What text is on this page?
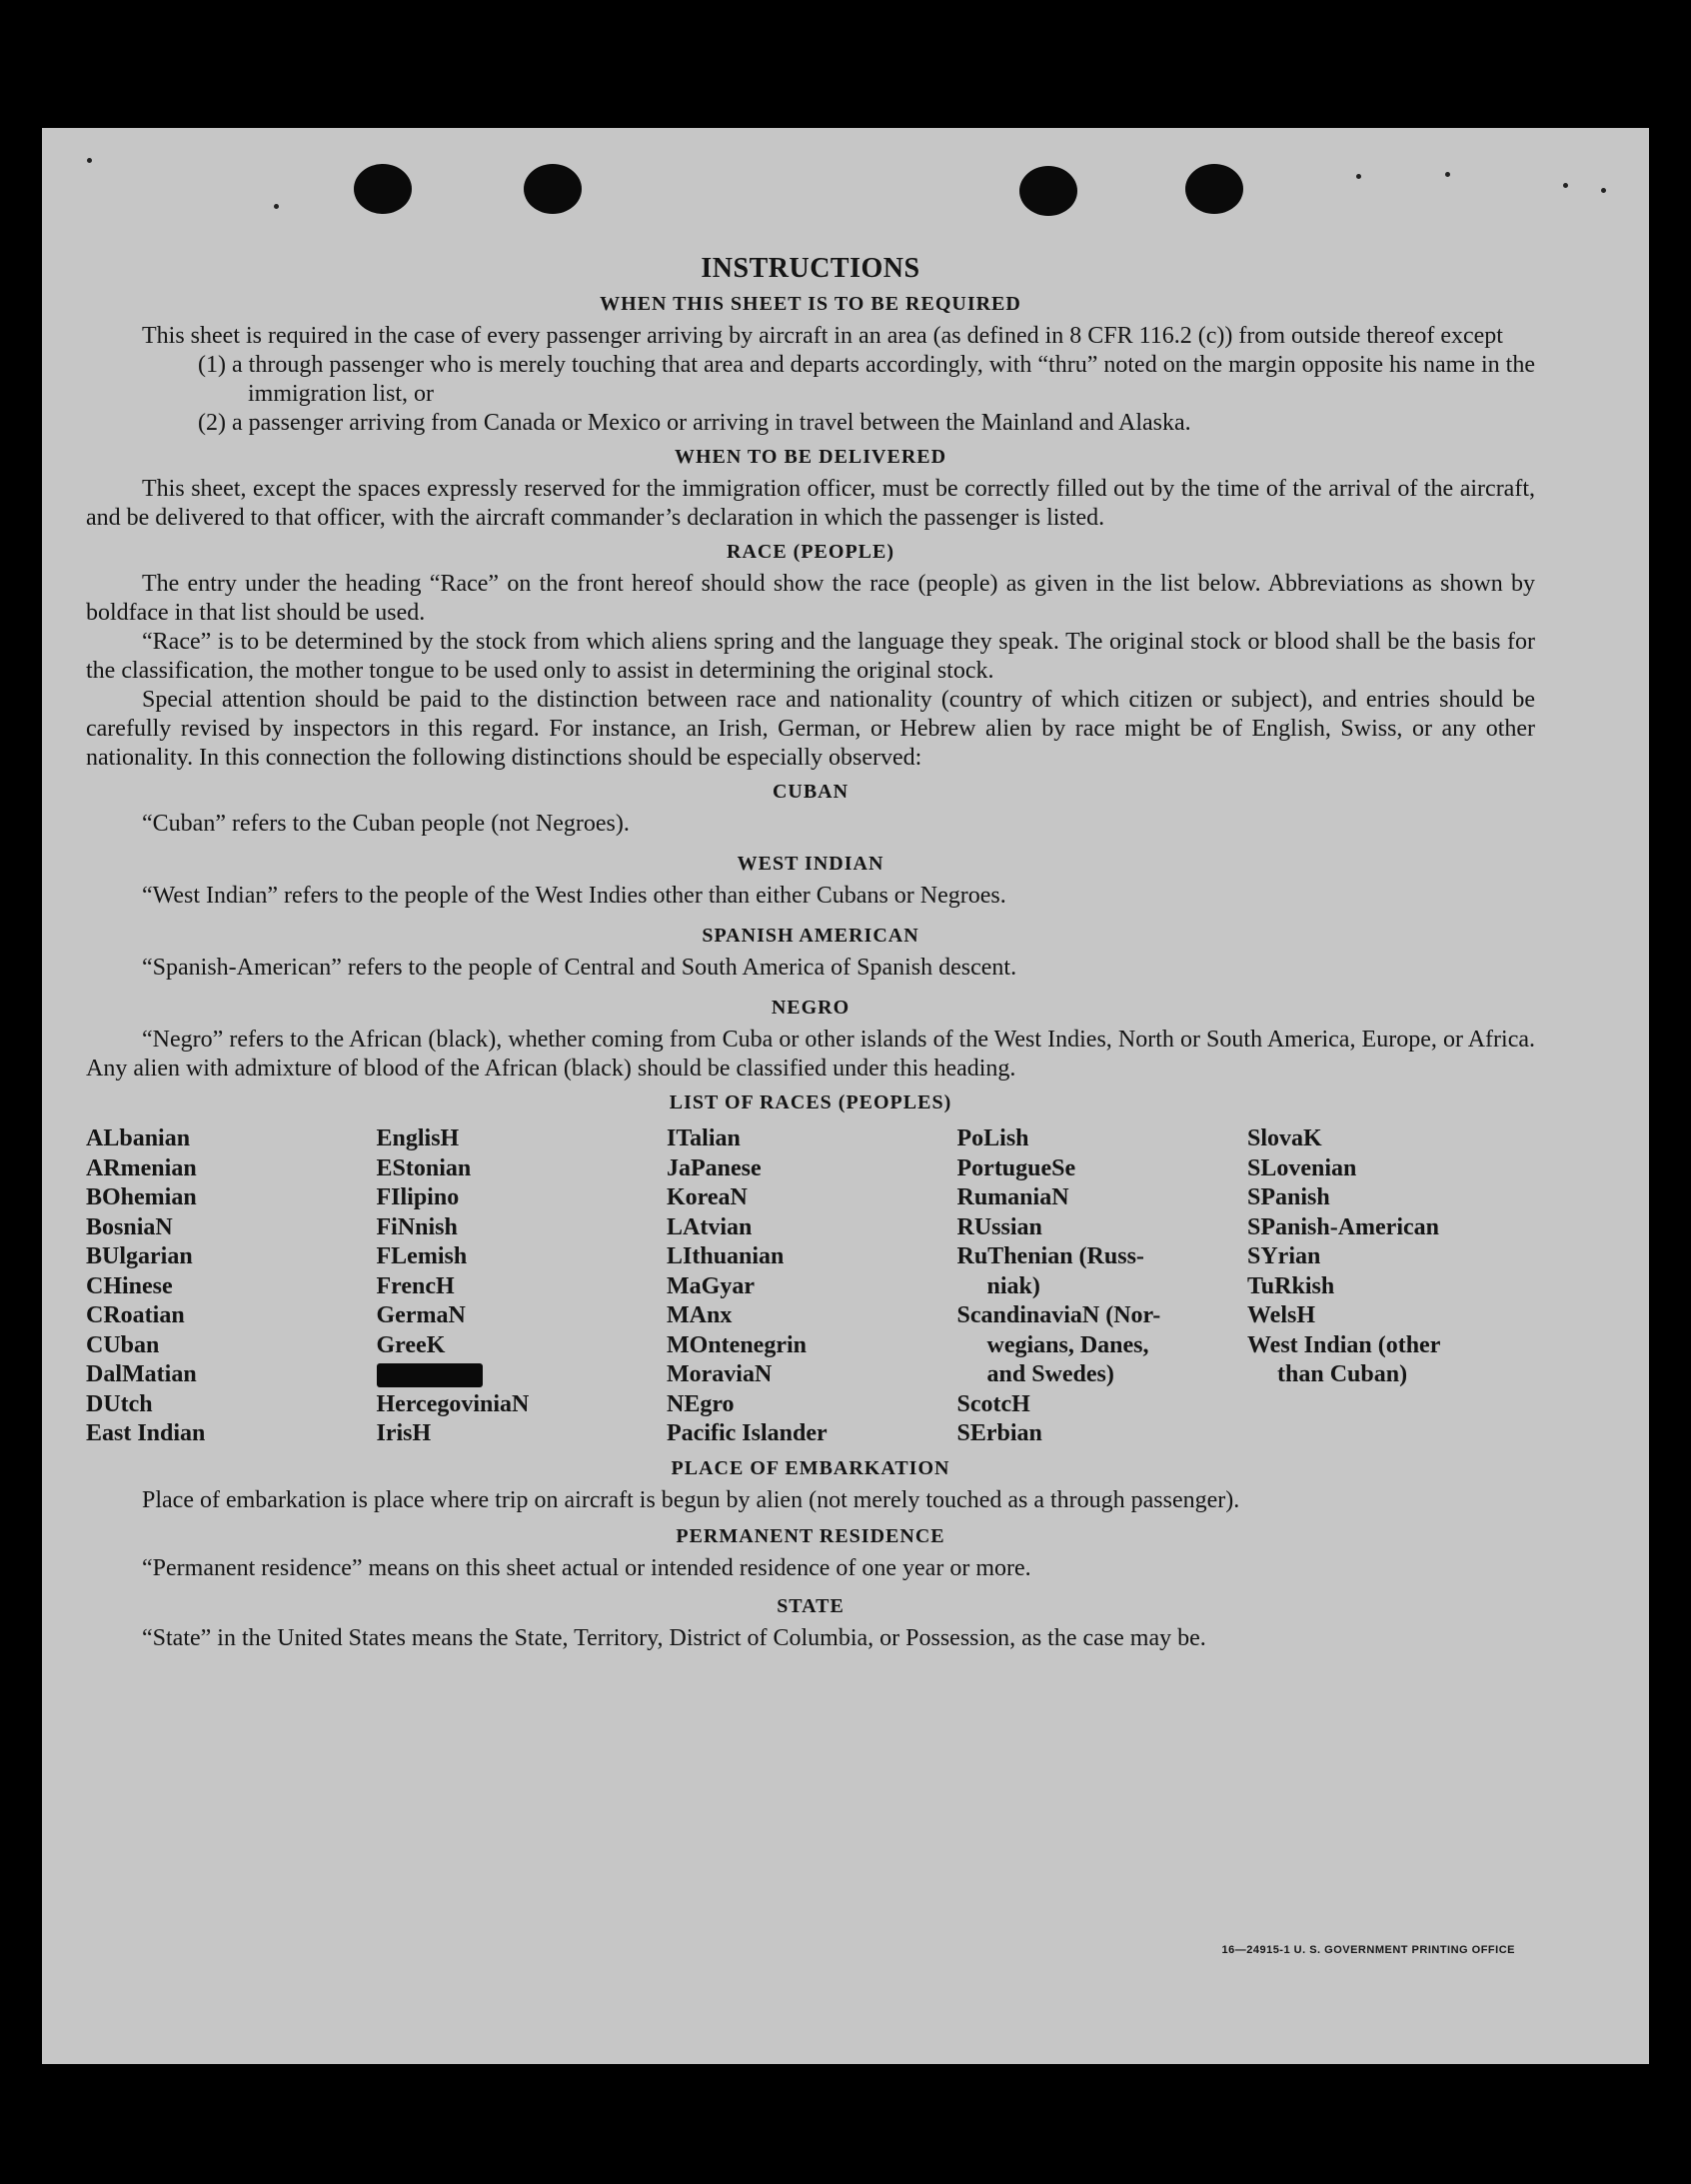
INSTRUCTIONS
WHEN THIS SHEET IS TO BE REQUIRED

This sheet is required in the case of every passenger arriving by aircraft in an area (as defined in 8 CFR 116.2 (c)) from outside thereof except

(1) a through passenger who is merely touching that area and departs accordingly, with “thru” noted on the margin opposite his name in the immigration list, or
(2) a passenger arriving from Canada or Mexico or arriving in travel between the Mainland and Alaska.
WHEN TO BE DELIVERED

This sheet, except the spaces expressly reserved for the immigration officer, must be correctly filled out by the time of the arrival of the aircraft, and be delivered to that officer, with the aircraft commander’s declaration in which the passenger is listed.

RACE (PEOPLE)

The entry under the heading “Race” on the front hereof should show the race (people) as given in the list below. Abbreviations as shown by boldface in that list should be used.

“Race” is to be determined by the stock from which aliens spring and the language they speak. The original stock or blood shall be the basis for the classification, the mother tongue to be used only to assist in determining the original stock.

Special attention should be paid to the distinction between race and nationality (country of which citizen or subject), and entries should be carefully revised by inspectors in this regard. For instance, an Irish, German, or Hebrew alien by race might be of English, Swiss, or any other nationality. In this connection the following distinctions should be especially observed:

CUBAN

“Cuban” refers to the Cuban people (not Negroes).

WEST INDIAN

“West Indian” refers to the people of the West Indies other than either Cubans or Negroes.

SPANISH AMERICAN

“Spanish-American” refers to the people of Central and South America of Spanish descent.

NEGRO

“Negro” refers to the African (black), whether coming from Cuba or other islands of the West Indies, North or South America, Europe, or Africa. Any alien with admixture of blood of the African (black) should be classified under this heading.

LIST OF RACES (PEOPLES)
ALbanian
ARmenian
BOhemian
BosniaN
BUlgarian
CHinese
CRoatian
CUban
DalMatian
DUtch
East Indian
EnglisH
EStonian
FIlipino
FiNnish
FLemish
FrencH
GermaN
GreeK
HercegoviniaN
IrisH
ITalian
JaPanese
KoreaN
LAtvian
LIthuanian
MaGyar
MAnx
MOntenegrin
MoraviaN
NEgro
Pacific Islander
PoLish
PortugueSe
RumaniaN
RUssian
RuThenian (Russ-
niak)
ScandinaviaN (Nor-
wegians, Danes,
and Swedes)
ScotcH
SErbian
SlovaK
SLovenian
SPanish
SPanish-American
SYrian
TuRkish
WelsH
West Indian (other
than Cuban)
PLACE OF EMBARKATION

Place of embarkation is place where trip on aircraft is begun by alien (not merely touched as a through passenger).

PERMANENT RESIDENCE

“Permanent residence” means on this sheet actual or intended residence of one year or more.

STATE

“State” in the United States means the State, Territory, District of Columbia, or Possession, as the case may be.

16—24915-1 U. S. GOVERNMENT PRINTING OFFICE
